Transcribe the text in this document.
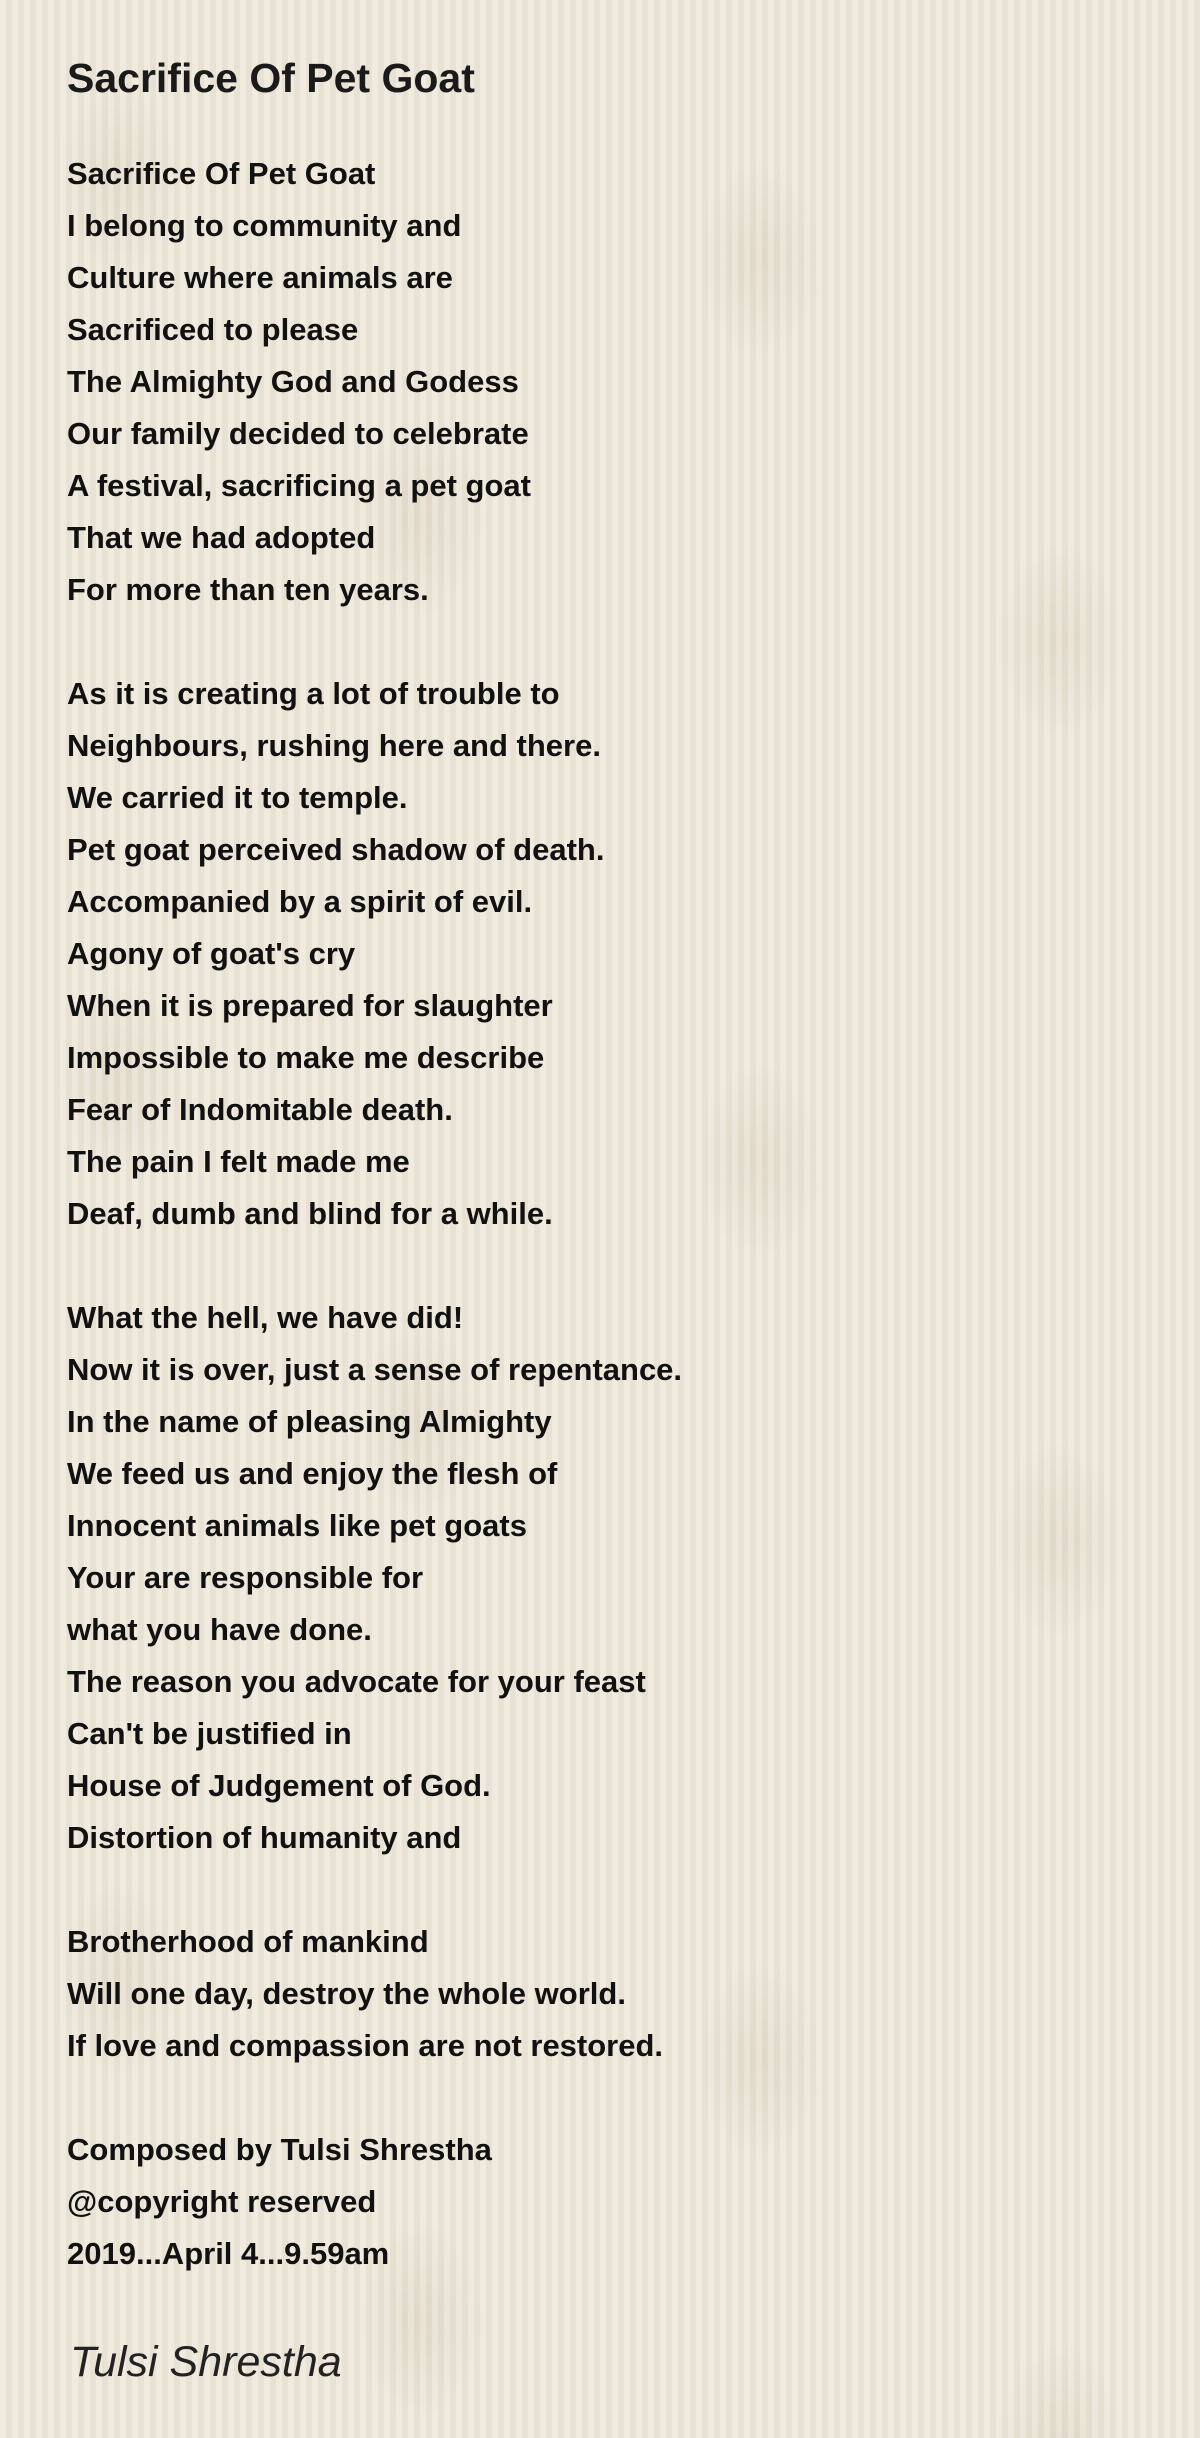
Sacrifice Of Pet Goat
Sacrifice Of Pet Goat
I belong to community and
Culture where animals are
Sacrificed to please
The Almighty God and Godess
Our family decided to celebrate
A festival, sacrificing a pet goat
That we had adopted
For more than ten years.
As it is creating a lot of trouble to
Neighbours, rushing here and there.
We carried it to temple.
Pet goat perceived shadow of death.
Accompanied by a spirit of evil.
Agony of goat's cry
When it is prepared for slaughter
Impossible to make me describe
Fear of Indomitable death.
The pain I felt made me
Deaf, dumb and blind for a while.
What the hell, we have did!
Now it is over, just a sense of repentance.
In the name of pleasing Almighty
We feed us and enjoy the flesh of
Innocent animals like pet goats
Your are responsible for
what you have done.
The reason you advocate for your feast
Can't be justified in
House of Judgement of God.
Distortion of humanity and
Brotherhood of mankind
Will one day, destroy the whole world.
If love and compassion are not restored.
Composed by Tulsi Shrestha
@copyright reserved
2019...April 4...9.59am

Tulsi Shrestha
